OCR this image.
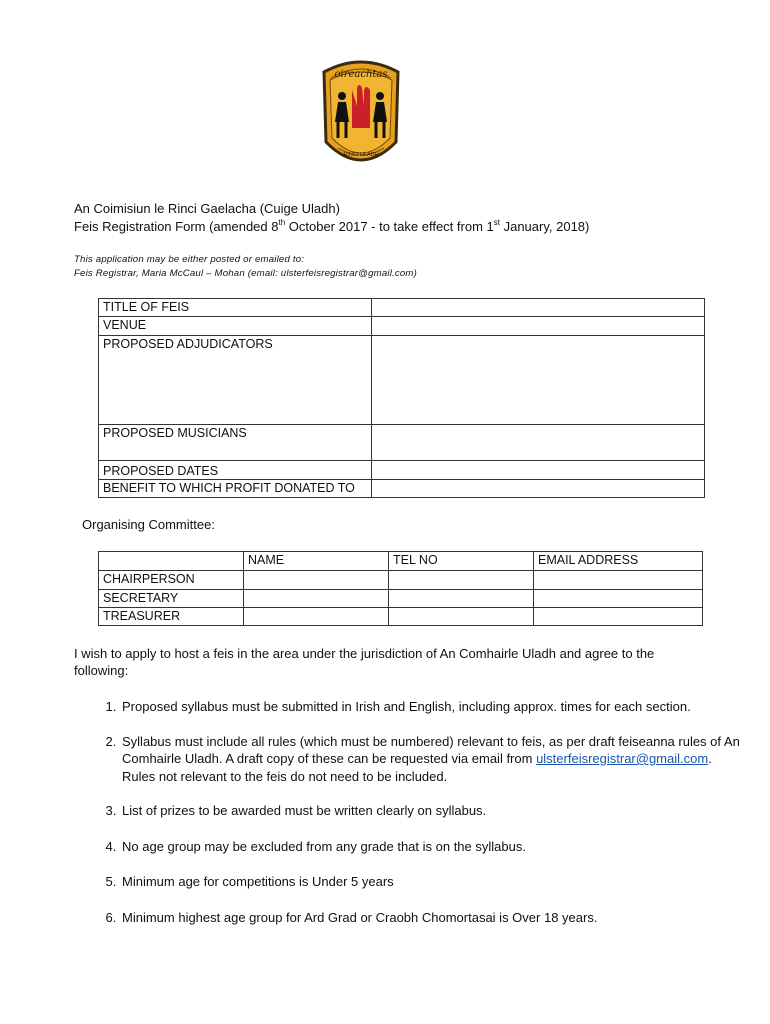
oireachtas
RINCI ULADH
An Coimisiun le Rinci Gaelacha (Cuige Uladh)
Feis Registration Form (amended 8th October 2017 - to take effect from 1st January, 2018)
This application may be either posted or emailed to:
Feis Registrar, Maria McCaul – Mohan (email: ulsterfeisregistrar@gmail.com)
TITLE OF FEIS	
VENUE	
PROPOSED ADJUDICATORS	
PROPOSED MUSICIANS	
PROPOSED DATES	
BENEFIT TO WHICH PROFIT DONATED TO	
Organising Committee:
	NAME	TEL NO	EMAIL ADDRESS
CHAIRPERSON			
SECRETARY			
TREASURER			
I wish to apply to host a feis in the area under the jurisdiction of An Comhairle Uladh and agree to the following:
1. Proposed syllabus must be submitted in Irish and English, including approx. times for each section.
2. Syllabus must include all rules (which must be numbered) relevant to feis, as per draft feiseanna rules of An Comhairle Uladh. A draft copy of these can be requested via email from ulsterfeisregistrar@gmail.com. Rules not relevant to the feis do not need to be included.
3. List of prizes to be awarded must be written clearly on syllabus.
4. No age group may be excluded from any grade that is on the syllabus.
5. Minimum age for competitions is Under 5 years
6. Minimum highest age group for Ard Grad or Craobh Chomortasai is Over 18 years.
